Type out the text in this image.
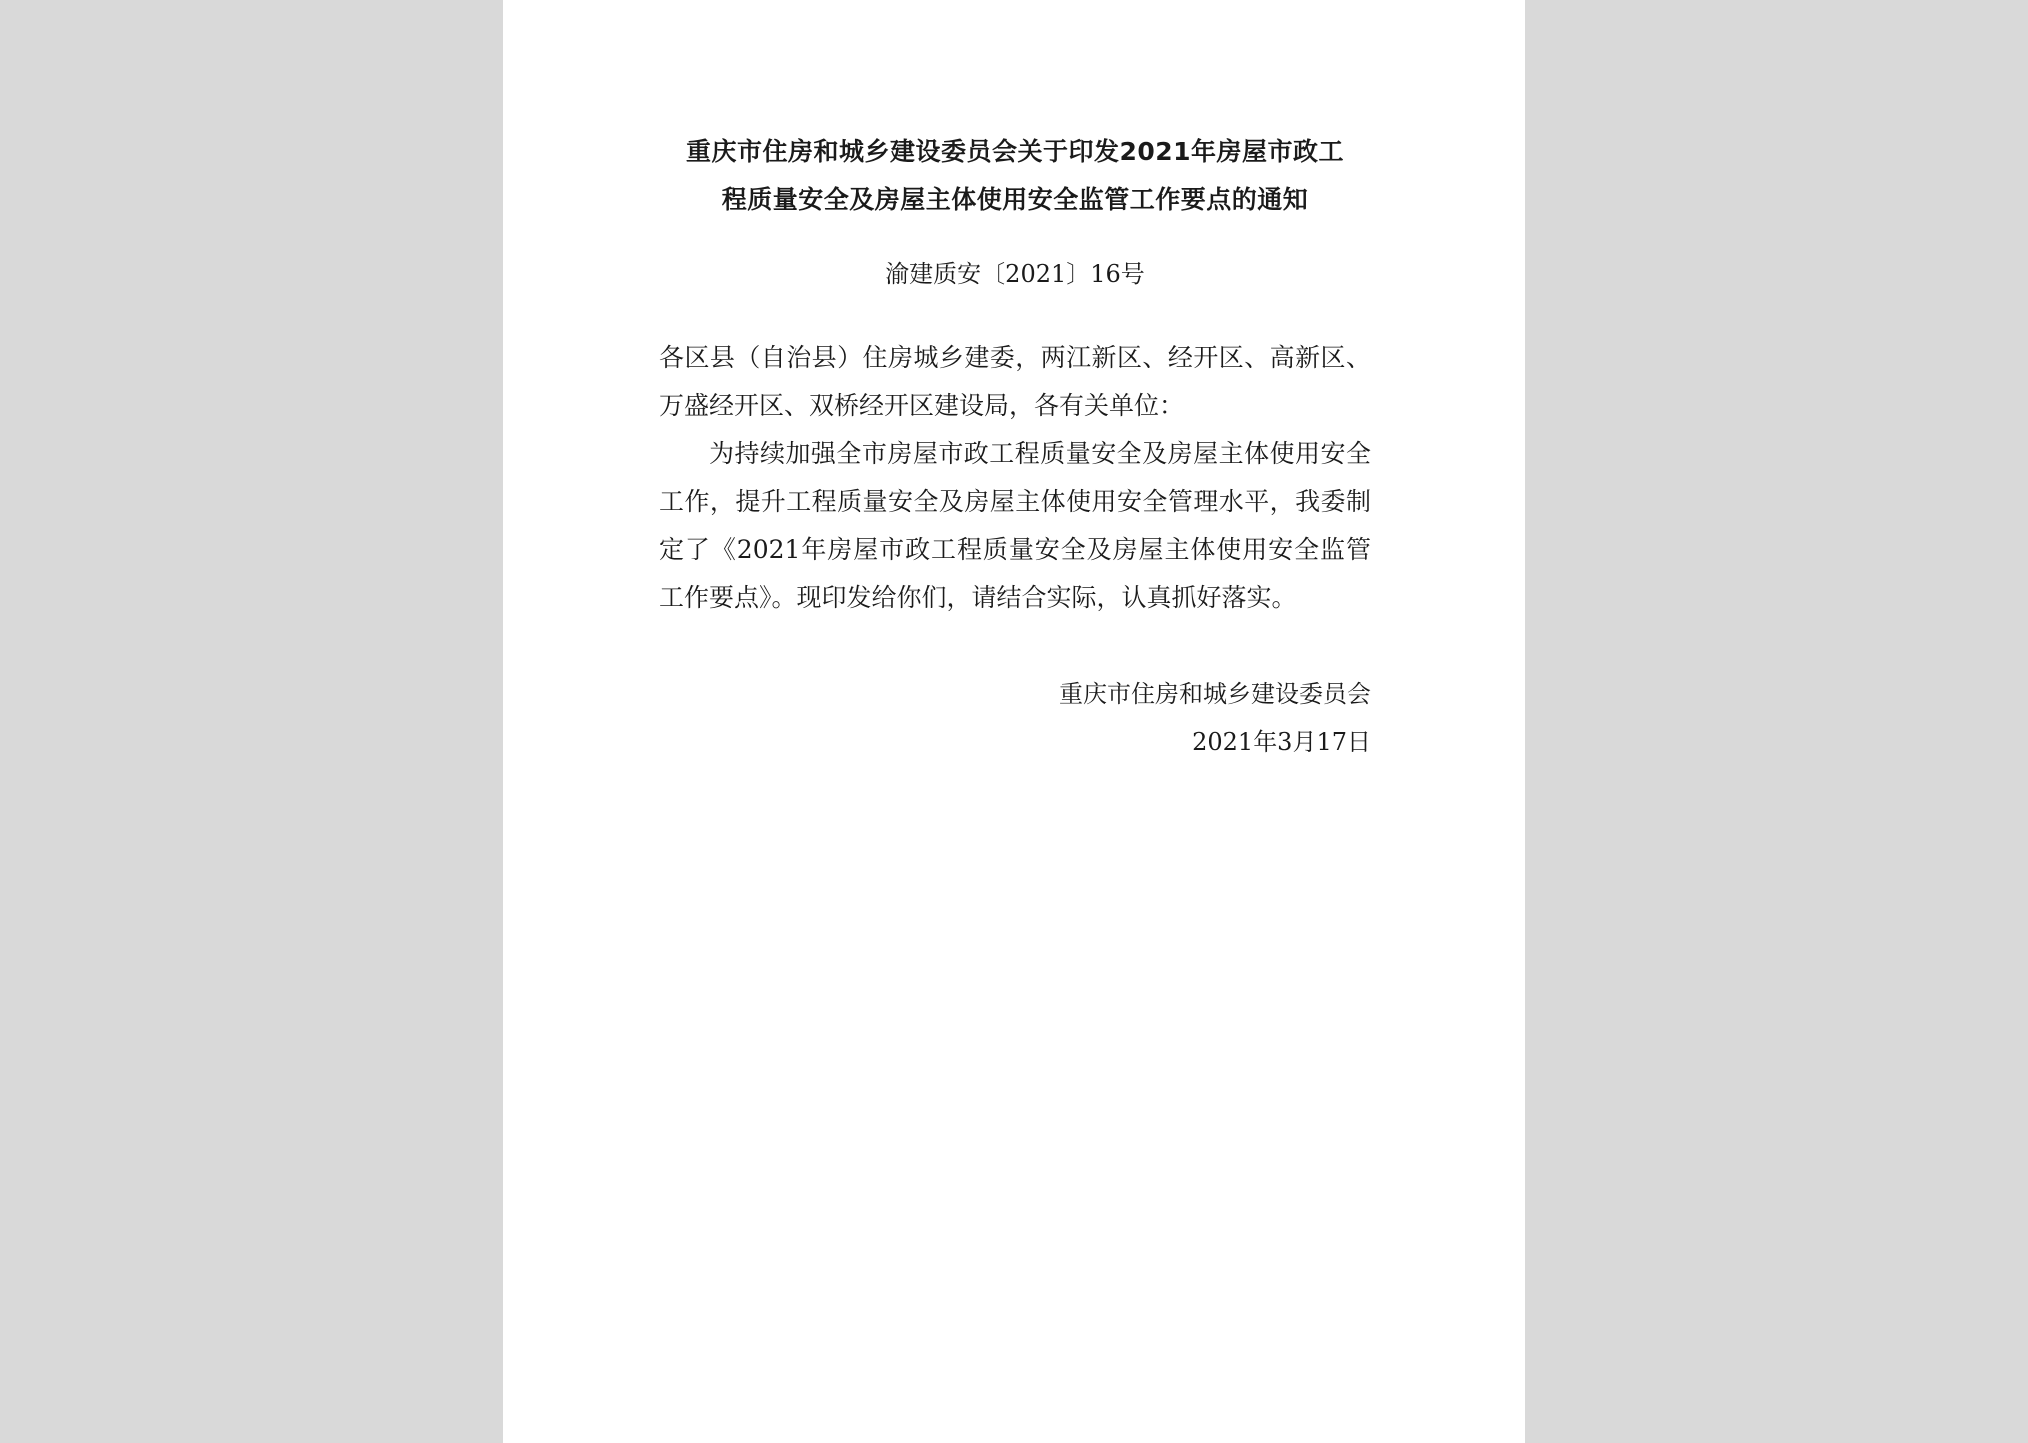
重庆市住房和城乡建设委员会关于印发2021年房屋市政工
程质量安全及房屋主体使用安全监管工作要点的通知
渝建质安〔2021〕16号

各区县（自治县）住房城乡建委，两江新区、经开区、高新区、万盛经开区、双桥经开区建设局，各有关单位：

为持续加强全市房屋市政工程质量安全及房屋主体使用安全工作，提升工程质量安全及房屋主体使用安全管理水平，我委制定了《2021年房屋市政工程质量安全及房屋主体使用安全监管工作要点》。现印发给你们，请结合实际，认真抓好落实。

重庆市住房和城乡建设委员会
2021年3月17日
